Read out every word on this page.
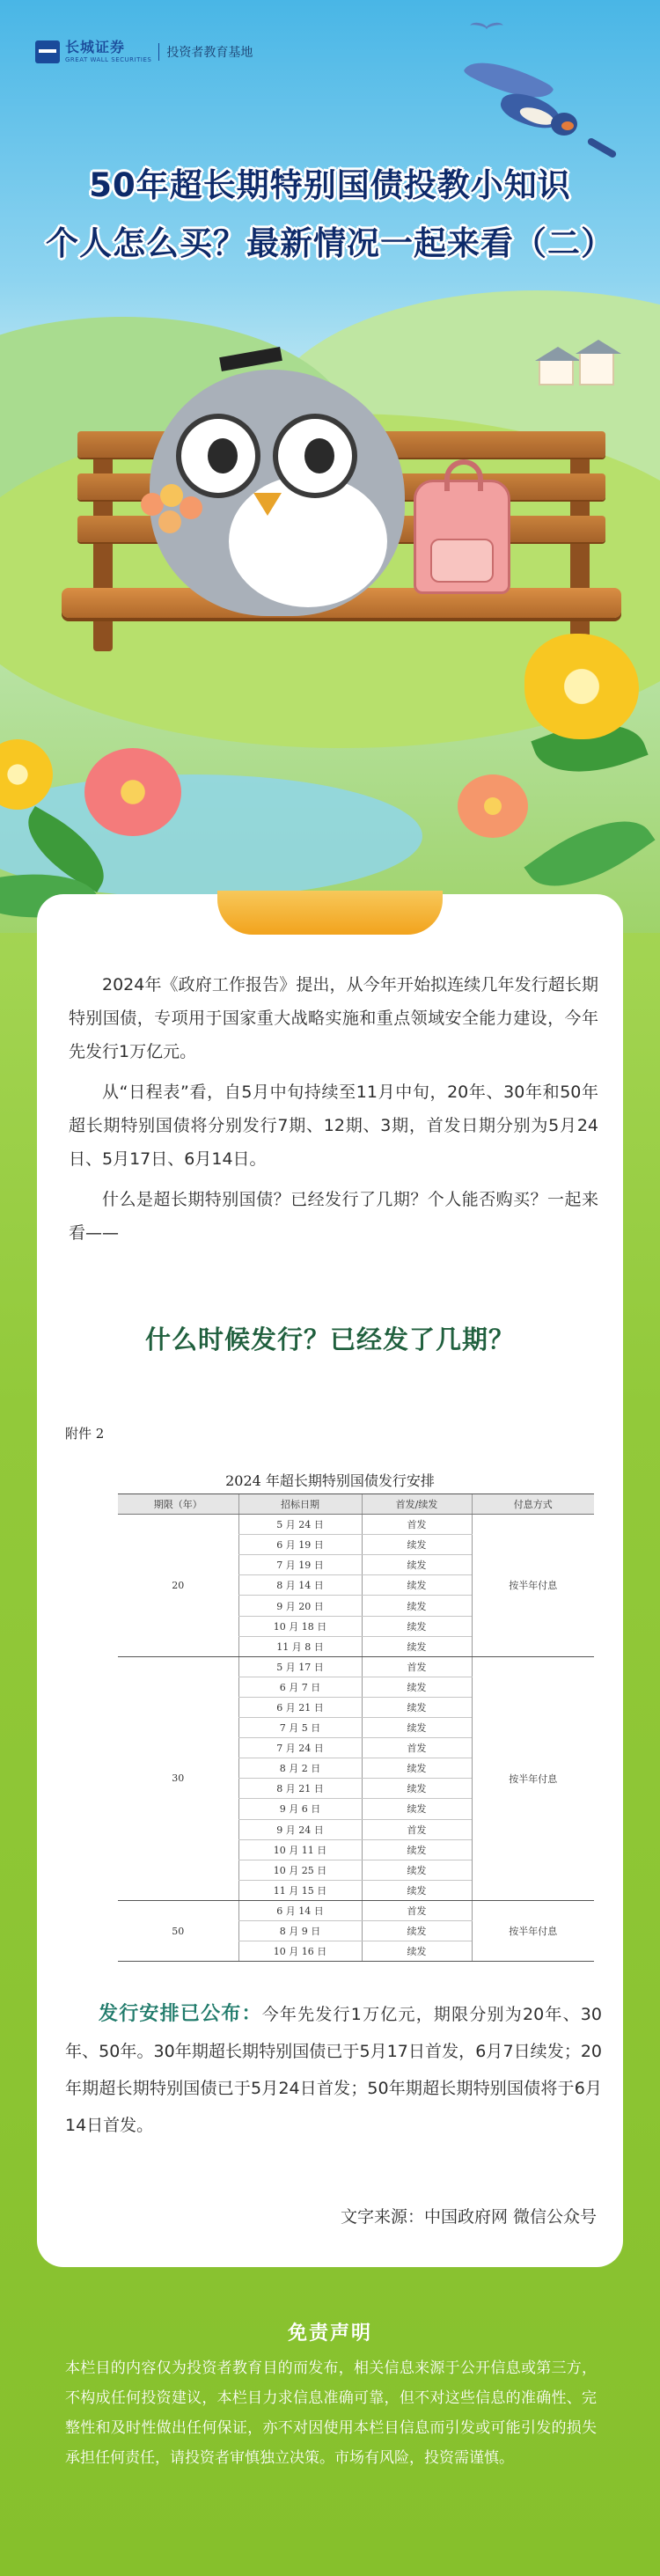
长城证券
GREAT WALL SECURITIES 投资者教育基地
50年超长期特别国债投教小知识
个人怎么买？最新情况一起来看（二）

2024年《政府工作报告》提出，从今年开始拟连续几年发行超长期特别国债，专项用于国家重大战略实施和重点领域安全能力建设，今年先发行1万亿元。

从“日程表”看，自5月中旬持续至11月中旬，20年、30年和50年超长期特别国债将分别发行7期、12期、3期，首发日期分别为5月24日、5月17日、6月14日。

什么是超长期特别国债？已经发行了几期？个人能否购买？一起来看——

什么时候发行？已经发了几期？
附件 2
2024 年超长期特别国债发行安排
期限（年）	招标日期	首发/续发	付息方式
20	5 月 24 日	首发	按半年付息
	6 月 19 日	续发	
	7 月 19 日	续发	
	8 月 14 日	续发	
	9 月 20 日	续发	
	10 月 18 日	续发	
	11 月 8 日	续发	
30	5 月 17 日	首发	按半年付息
	6 月 7 日	续发	
	6 月 21 日	续发	
	7 月 5 日	续发	
	7 月 24 日	首发	
	8 月 2 日	续发	
	8 月 21 日	续发	
	9 月 6 日	续发	
	9 月 24 日	首发	
	10 月 11 日	续发	
	10 月 25 日	续发	
	11 月 15 日	续发	
50	6 月 14 日	首发	按半年付息
	8 月 9 日	续发	
	10 月 16 日	续发	
发行安排已公布：今年先发行1万亿元，期限分别为20年、30年、50年。30年期超长期特别国债已于5月17日首发，6月7日续发；20年期超长期特别国债已于5月24日首发；50年期超长期特别国债将于6月14日首发。
文字来源：中国政府网 微信公众号
免责声明
本栏目的内容仅为投资者教育目的而发布，相关信息来源于公开信息或第三方，不构成任何投资建议，本栏目力求信息准确可靠，但不对这些信息的准确性、完整性和及时性做出任何保证，亦不对因使用本栏目信息而引发或可能引发的损失承担任何责任，请投资者审慎独立决策。市场有风险，投资需谨慎。
